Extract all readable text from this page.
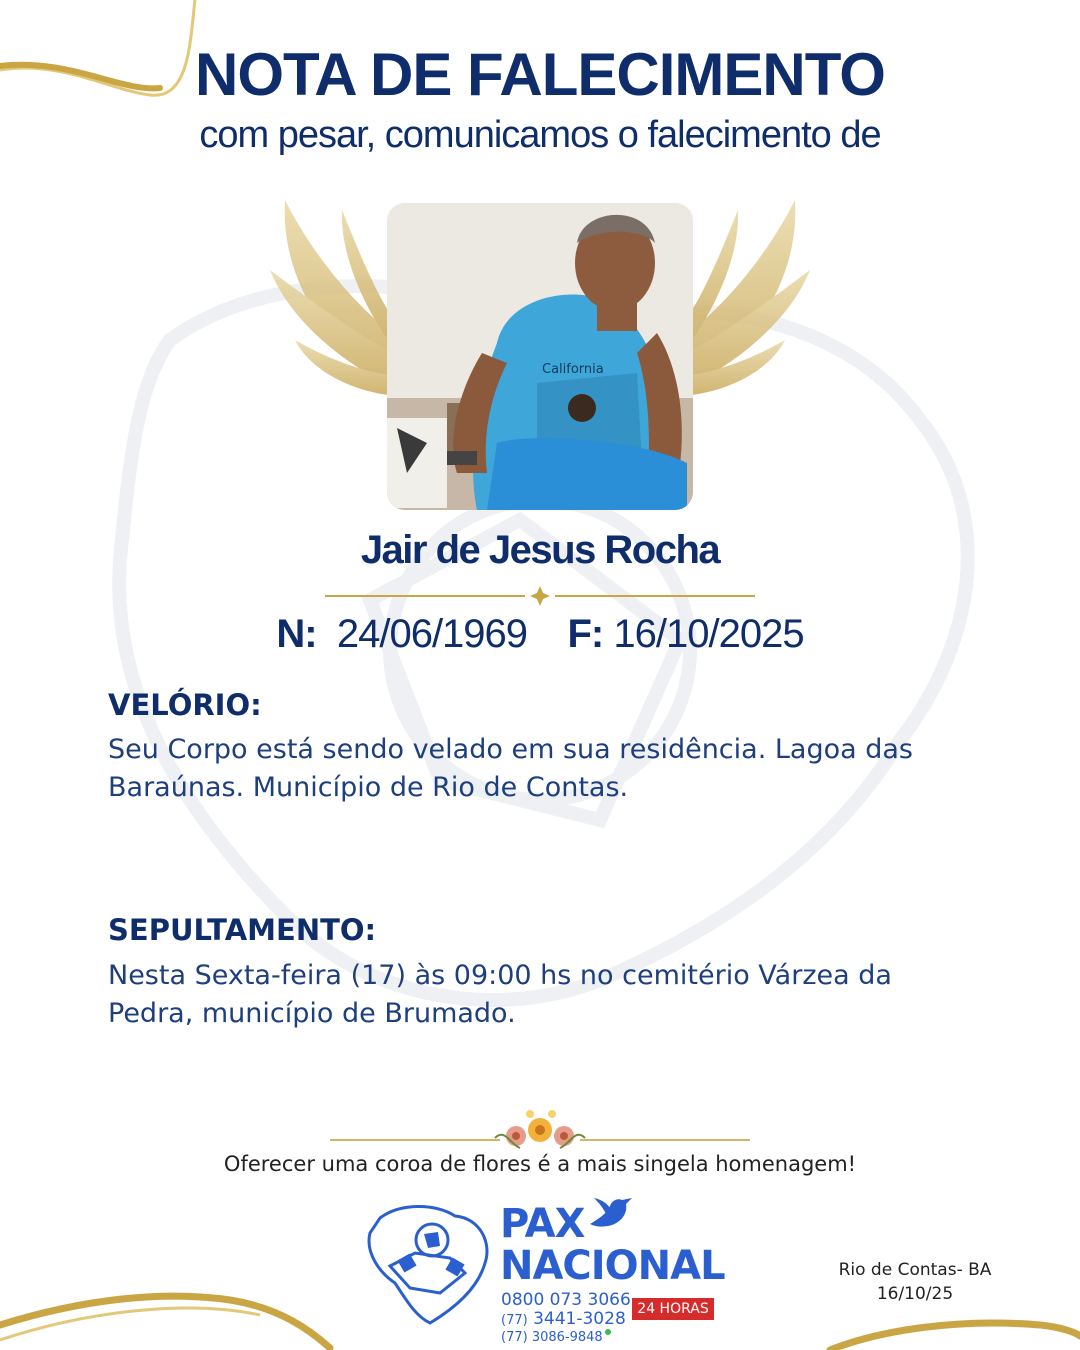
NOTA DE FALECIMENTO
com pesar, comunicamos o falecimento de
California
Jair de Jesus Rocha
N: 24/06/1969 F: 16/10/2025
VELÓRIO:
Seu Corpo está sendo velado em sua residência. Lagoa das Baraúnas. Município de Rio de Contas.
SEPULTAMENTO:
Nesta Sexta-feira (17) às 09:00 hs no cemitério Várzea da Pedra, município de Brumado.
Oferecer uma coroa de flores é a mais singela homenagem!
PAX
NACIONAL
0800 073 3066
(77) 3441-3028
(77) 3086-9848
24 HORAS
Rio de Contas- BA
16/10/25
